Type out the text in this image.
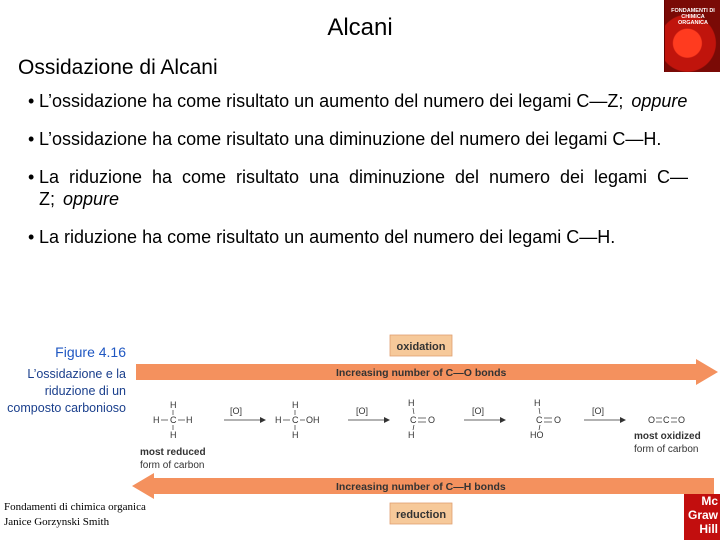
Alcani
FONDAMENTI DI CHIMICA ORGANICA
Ossidazione di Alcani
• L’ossidazione ha come risultato un aumento del numero dei legami C—Z; oppure
• L’ossidazione ha come risultato una diminuzione del numero dei legami C—H.
• La riduzione ha come risultato una diminuzione del numero dei legami C—Z; oppure
• La riduzione ha come risultato un aumento del numero dei legami C—H.
Figure 4.16
L’ossidazione e la riduzione di un composto carbonioso
oxidation
Increasing number of C—O bonds
H
H C H
H
[O]
H
H C OH
H
[O]
H
C O
H
[O]
H
C O
HO
[O]
O C O
most reduced
form of carbon
most oxidized
form of carbon
Increasing number of C—H bonds
reduction
Fondamenti di chimica organica
Janice Gorzynski Smith
Mc Graw Hill
